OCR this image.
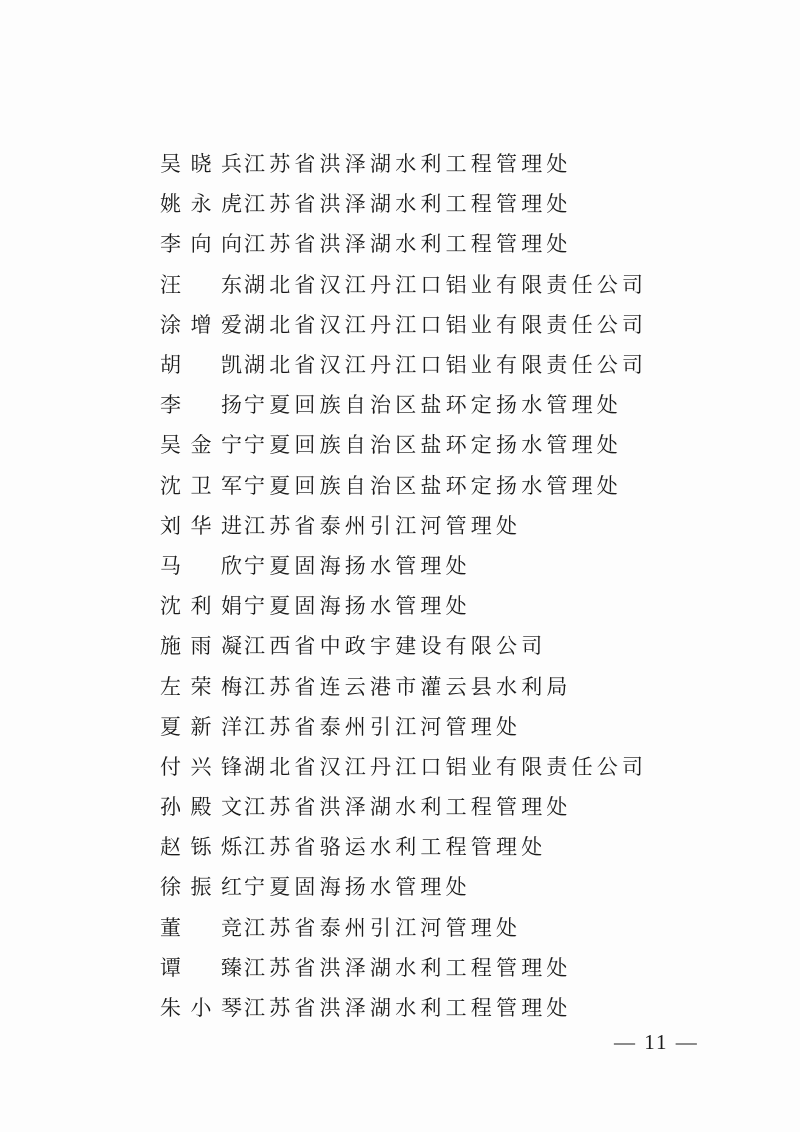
吴晓兵 江苏省洪泽湖水利工程管理处
姚永虎 江苏省洪泽湖水利工程管理处
李向向 江苏省洪泽湖水利工程管理处
汪东 湖北省汉江丹江口铝业有限责任公司
涂增爱 湖北省汉江丹江口铝业有限责任公司
胡凯 湖北省汉江丹江口铝业有限责任公司
李扬 宁夏回族自治区盐环定扬水管理处
吴金宁 宁夏回族自治区盐环定扬水管理处
沈卫军 宁夏回族自治区盐环定扬水管理处
刘华进 江苏省泰州引江河管理处
马欣 宁夏固海扬水管理处
沈利娟 宁夏固海扬水管理处
施雨凝 江西省中政宇建设有限公司
左荣梅 江苏省连云港市灌云县水利局
夏新洋 江苏省泰州引江河管理处
付兴锋 湖北省汉江丹江口铝业有限责任公司
孙殿文 江苏省洪泽湖水利工程管理处
赵铄烁 江苏省骆运水利工程管理处
徐振红 宁夏固海扬水管理处
董竞 江苏省泰州引江河管理处
谭臻 江苏省洪泽湖水利工程管理处
朱小琴 江苏省洪泽湖水利工程管理处
— 11 —
